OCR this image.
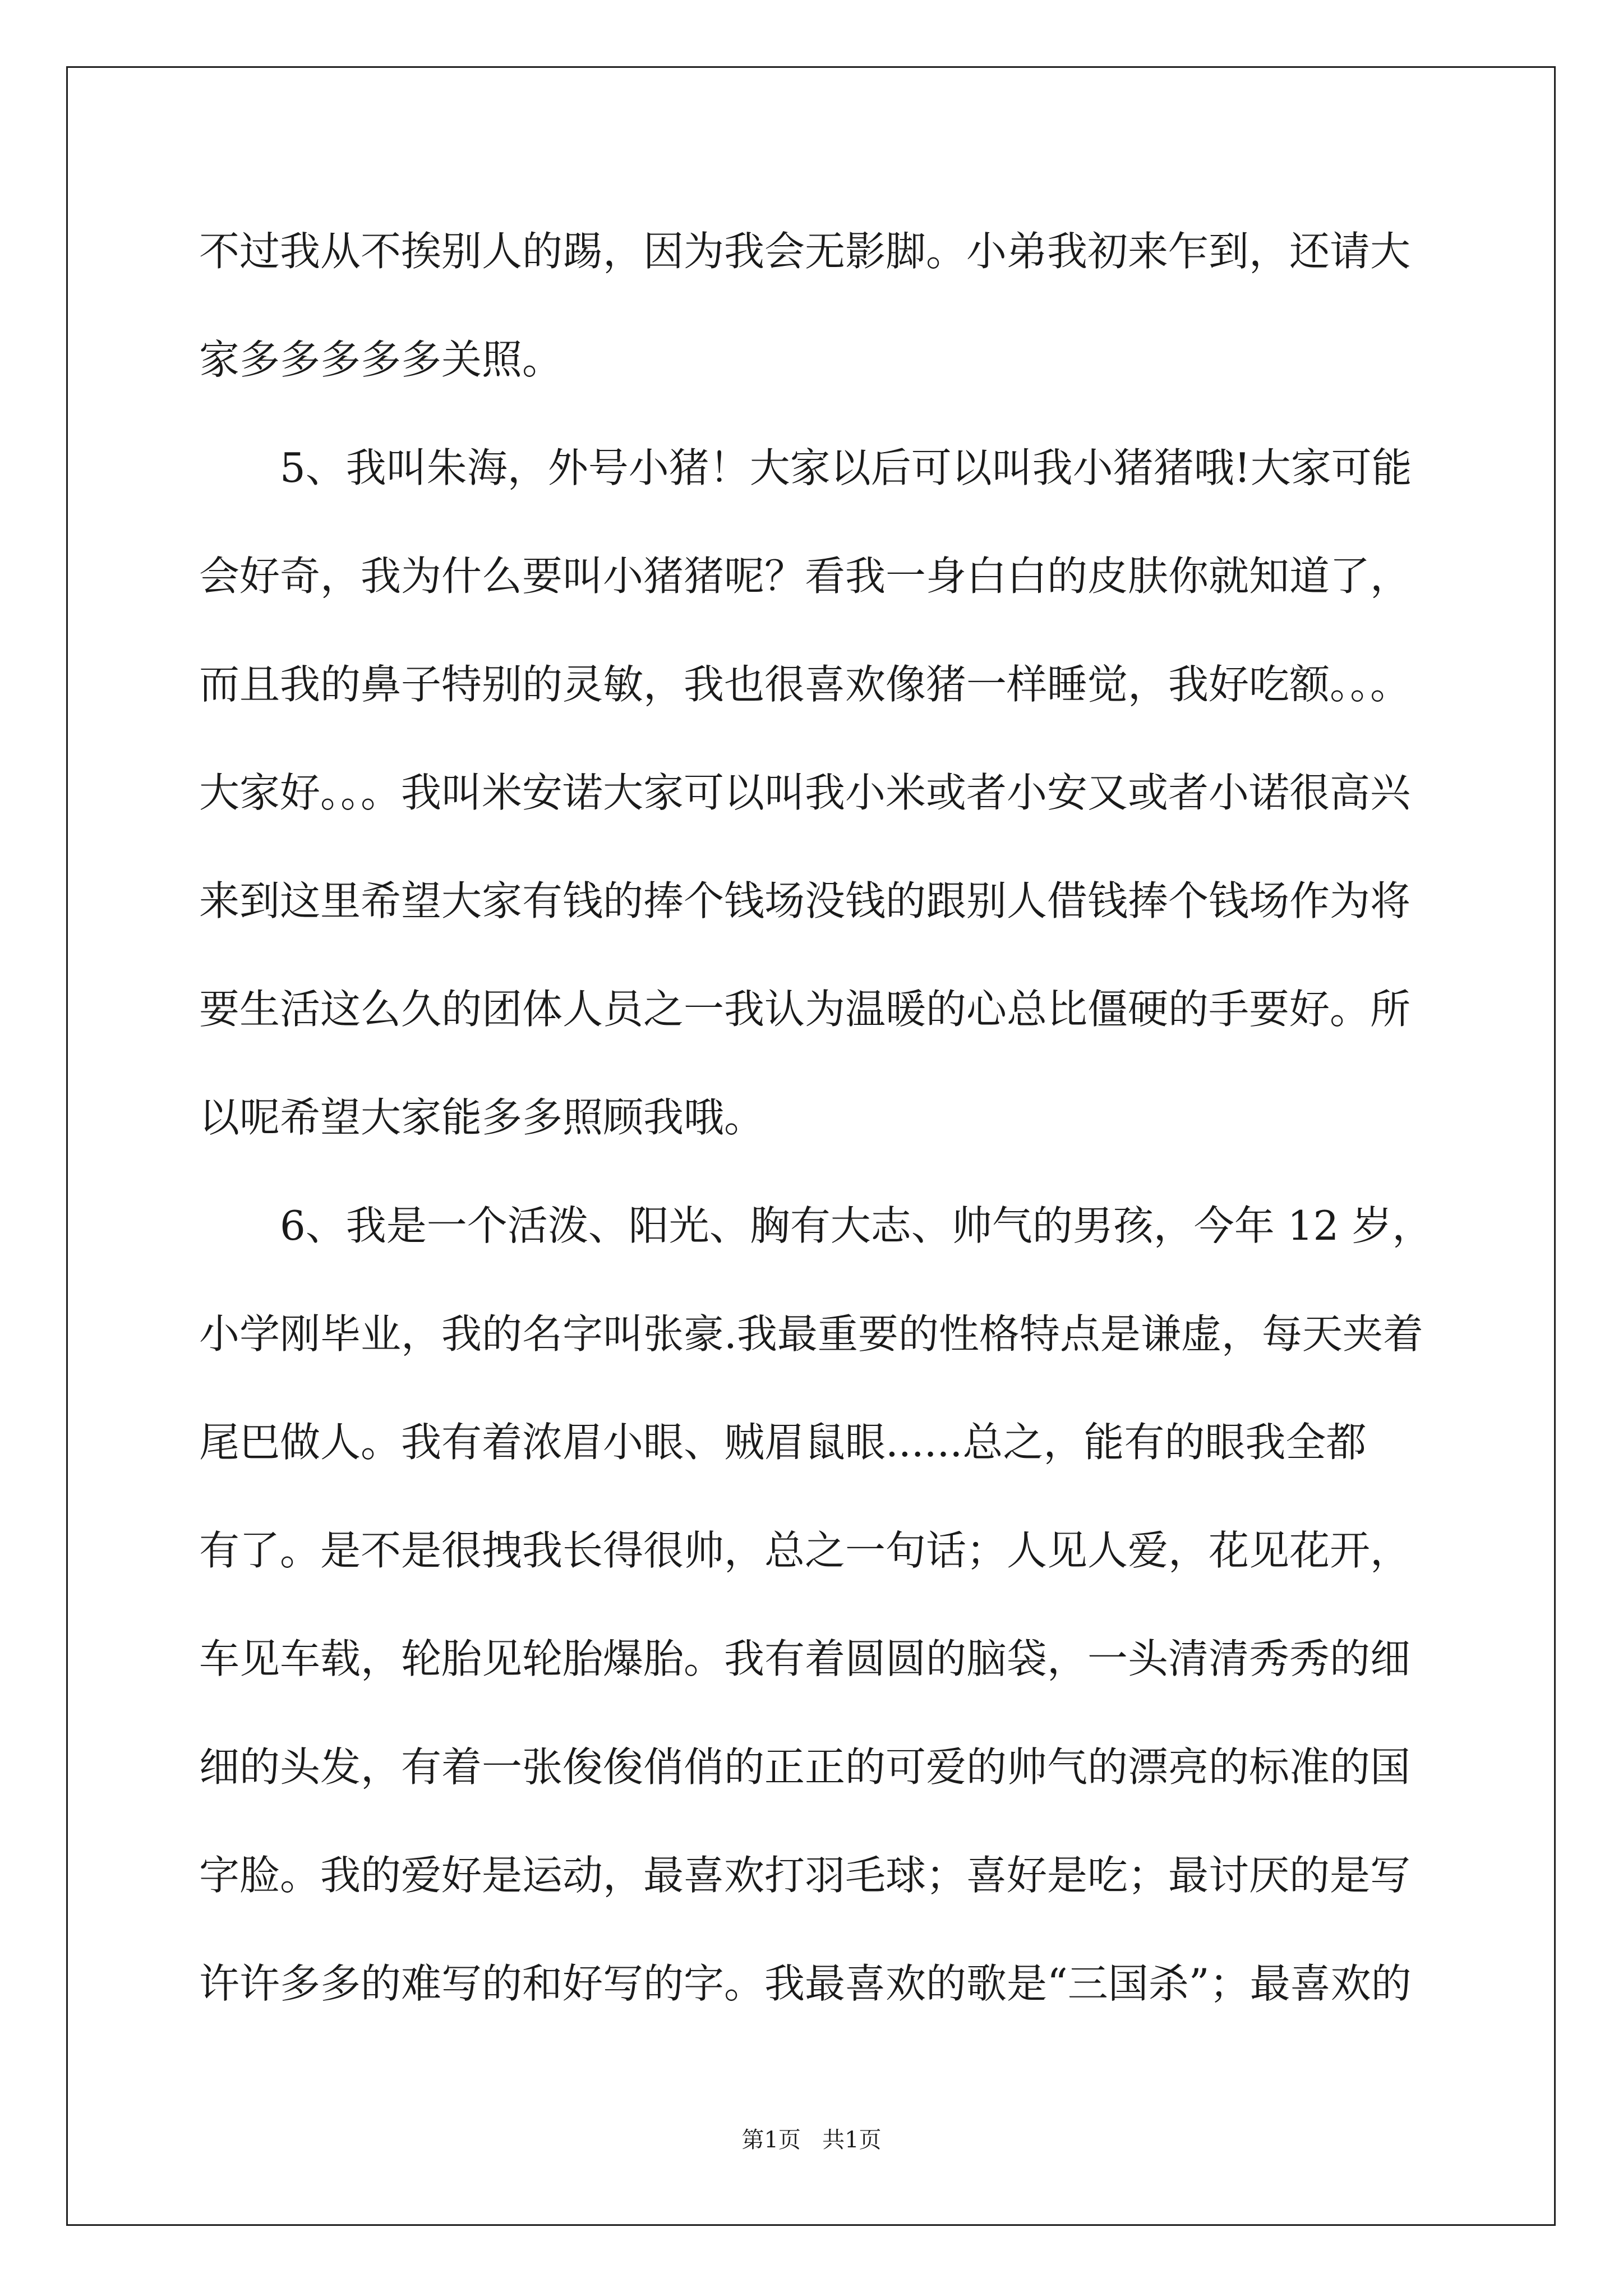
不过我从不挨别人的踢，因为我会无影脚。小弟我初来乍到，还请大
家多多多多多关照。
5、我叫朱海，外号小猪！大家以后可以叫我小猪猪哦!大家可能
会好奇，我为什么要叫小猪猪呢？看我一身白白的皮肤你就知道了，
而且我的鼻子特别的灵敏，我也很喜欢像猪一样睡觉，我好吃额。。。
大家好。。。我叫米安诺大家可以叫我小米或者小安又或者小诺很高兴
来到这里希望大家有钱的捧个钱场没钱的跟别人借钱捧个钱场作为将
要生活这么久的团体人员之一我认为温暖的心总比僵硬的手要好。所
以呢希望大家能多多照顾我哦。
6、我是一个活泼、阳光、胸有大志、帅气的男孩，今年 12 岁，
小学刚毕业，我的名字叫张豪.我最重要的性格特点是谦虚，每天夹着
尾巴做人。我有着浓眉小眼、贼眉鼠眼......总之，能有的眼我全都
有了。是不是很拽我长得很帅，总之一句话；人见人爱，花见花开，
车见车载，轮胎见轮胎爆胎。我有着圆圆的脑袋，一头清清秀秀的细
细的头发，有着一张俊俊俏俏的正正的可爱的帅气的漂亮的标准的国
字脸。我的爱好是运动，最喜欢打羽毛球；喜好是吃；最讨厌的是写
许许多多的难写的和好写的字。我最喜欢的歌是“三国杀”；最喜欢的
第1页 共1页
